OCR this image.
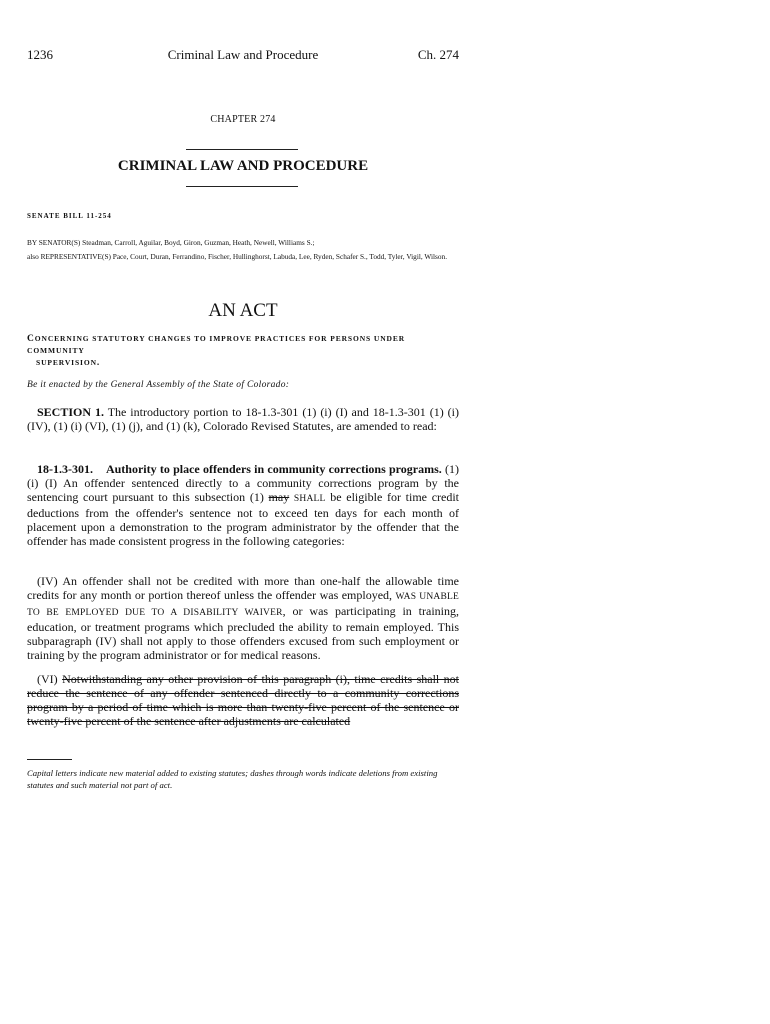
1236	Criminal Law and Procedure	Ch. 274
CHAPTER 274
CRIMINAL LAW AND PROCEDURE
SENATE BILL 11-254
BY SENATOR(S) Steadman, Carroll, Aguilar, Boyd, Giron, Guzman, Heath, Newell, Williams S.;
also REPRESENTATIVE(S) Pace, Court, Duran, Ferrandino, Fischer, Hullinghorst, Labuda, Lee, Ryden, Schafer S., Todd, Tyler, Vigil, Wilson.
AN ACT
CONCERNING STATUTORY CHANGES TO IMPROVE PRACTICES FOR PERSONS UNDER COMMUNITY
SUPERVISION.
Be it enacted by the General Assembly of the State of Colorado:
SECTION 1. The introductory portion to 18-1.3-301 (1) (i) (I) and 18-1.3-301 (1) (i) (IV), (1) (i) (VI), (1) (j), and (1) (k), Colorado Revised Statutes, are amended to read:
18-1.3-301. Authority to place offenders in community corrections programs. (1) (i) (I) An offender sentenced directly to a community corrections program by the sentencing court pursuant to this subsection (1) may SHALL be eligible for time credit deductions from the offender's sentence not to exceed ten days for each month of placement upon a demonstration to the program administrator by the offender that the offender has made consistent progress in the following categories:
(IV) An offender shall not be credited with more than one-half the allowable time credits for any month or portion thereof unless the offender was employed, WAS UNABLE TO BE EMPLOYED DUE TO A DISABILITY WAIVER, or was participating in training, education, or treatment programs which precluded the ability to remain employed. This subparagraph (IV) shall not apply to those offenders excused from such employment or training by the program administrator or for medical reasons.
(VI) Notwithstanding any other provision of this paragraph (i), time credits shall not reduce the sentence of any offender sentenced directly to a community corrections program by a period of time which is more than twenty-five percent of the sentence or twenty-five percent of the sentence after adjustments are calculated
Capital letters indicate new material added to existing statutes; dashes through words indicate deletions from existing statutes and such material not part of act.
